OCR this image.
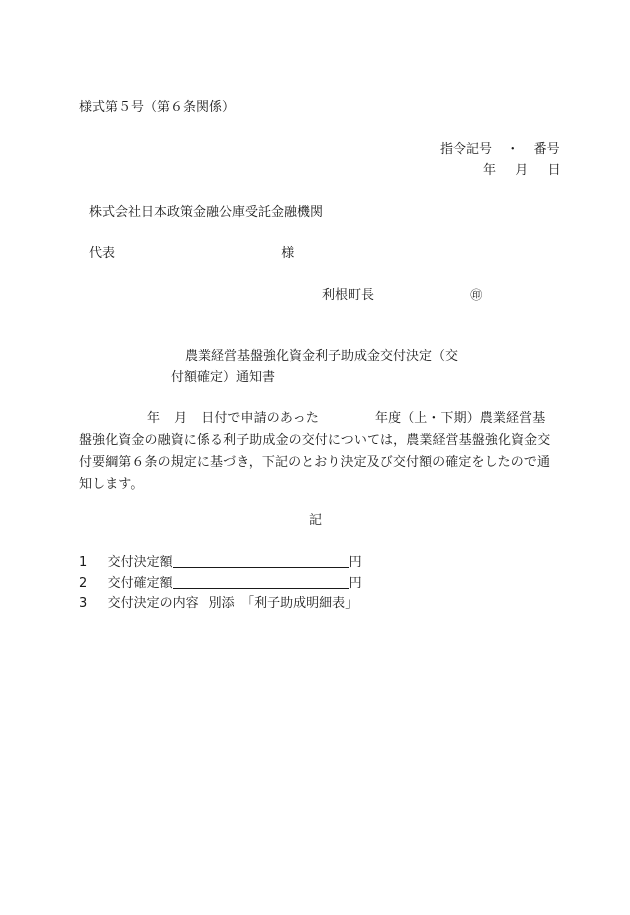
様式第５号（第６条関係）
指令記号 ・ 番号
年 月 日
株式会社日本政策金融公庫受託金融機関
代表	様
利根町長	㊞
農業経営基盤強化資金利子助成金交付決定（交
付額確定）通知書
年 月 日付で申請のあった	年度（上・下期）農業経営基盤強化資金の融資に係る利子助成金の交付については，農業経営基盤強化資金交付要綱第６条の規定に基づき，下記のとおり決定及び交付額の確定をしたので通知します。
記
1 交付決定額	円
2 交付確定額	円
3 交付決定の内容 別添　「利子助成明細表」
